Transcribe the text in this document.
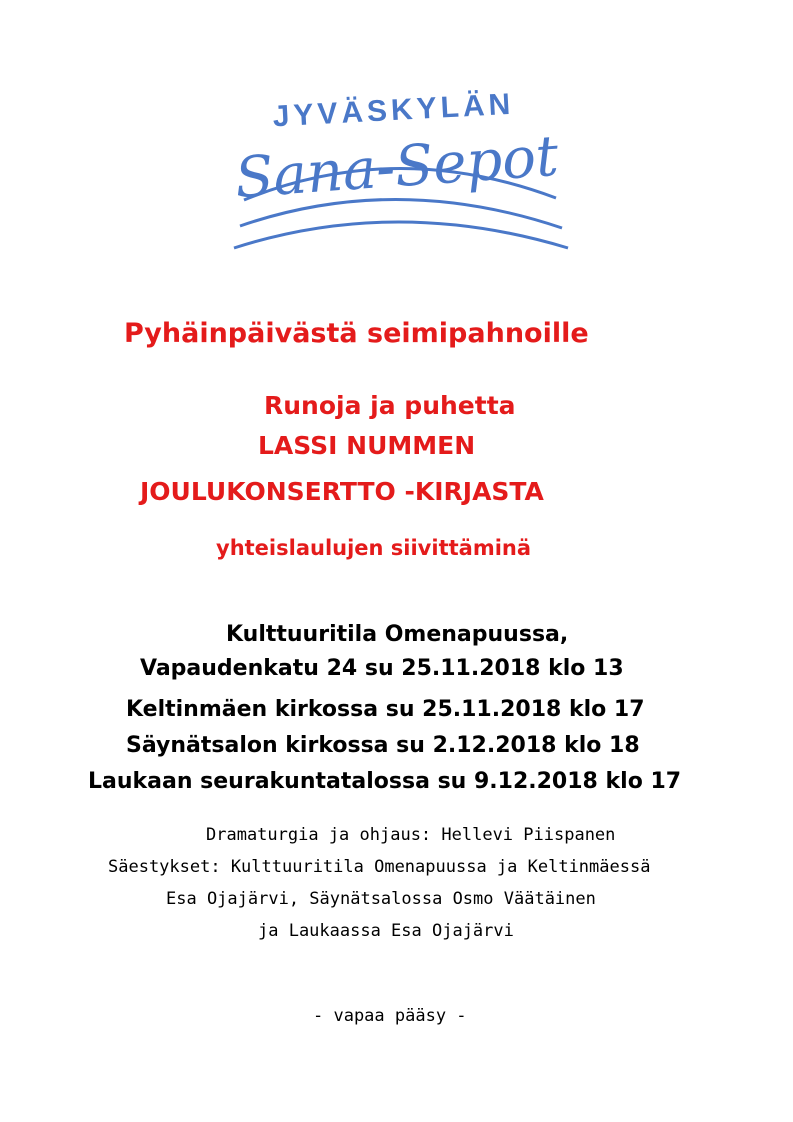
JYVÄSKYLÄN
Sana-Sepot
Pyhäinpäivästä seimipahnoille
Runoja ja puhetta
LASSI NUMMEN
JOULUKONSERTTO -KIRJASTA
yhteislaulujen siivittäminä
Kulttuuritila Omenapuussa,
Vapaudenkatu 24 su 25.11.2018 klo 13
Keltinmäen kirkossa su 25.11.2018 klo 17
Säynätsalon kirkossa su 2.12.2018 klo 18
Laukaan seurakuntatalossa su 9.12.2018 klo 17
Dramaturgia ja ohjaus: Hellevi Piispanen
Säestykset: Kulttuuritila Omenapuussa ja Keltinmäessä
Esa Ojajärvi, Säynätsalossa Osmo Väätäinen
ja Laukaassa Esa Ojajärvi
- vapaa pääsy -
